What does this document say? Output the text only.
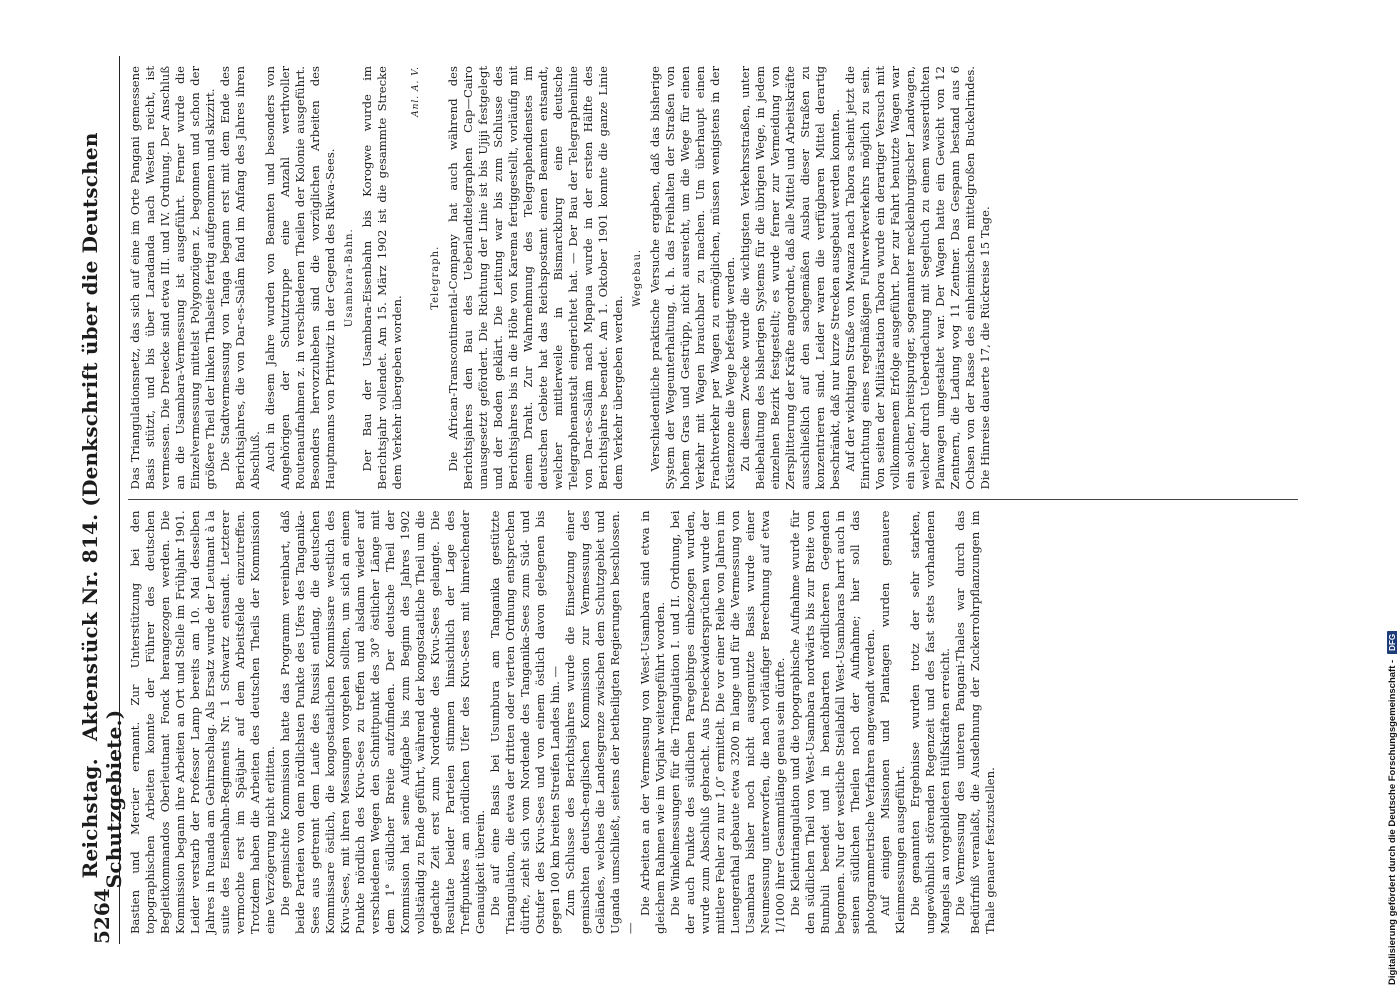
5264
Reichstag. Aktenstück Nr. 814. (Denkschrift über die Deutschen Schutzgebiete.) Bastien und Mercier ernannt. Zur Unterstützung bei den topographischen Arbeiten konnte der Führer des deutschen Begleitkommandos Oberleutnant Fonck herangezogen werden. Die Kommission begann ihre Arbeiten an Ort und Stelle im Frühjahr 1901. Leider verstarb der Professor Lamp bereits am 10. Mai desselben Jahres in Ruanda am Gehirnschlag. Als Ersatz wurde der Leutnant à la suite des Eisenbahn-Regiments Nr. 1 Schwartz entsandt. Letzterer vermochte erst im Spätjahr auf dem Arbeitsfelde einzutreffen. Trotzdem haben die Arbeiten des deutschen Theils der Kommission eine Verzögerung nicht erlitten. Die gemischte Kommission hatte das Programm vereinbart, daß beide Parteien von dem nördlichsten Punkte des Ufers des Tanganika-Sees aus getrennt dem Laufe des Russisi entlang, die deutschen Kommissare östlich, die kongostaatlichen Kommissare westlich des Kivu-Sees, mit ihren Messungen vorgehen sollten, um sich an einem Punkte nördlich des Kivu-Sees zu treffen und alsdann wieder auf verschiedenen Wegen den Schnittpunkt des 30° östlicher Länge mit dem 1° südlicher Breite aufzufinden. Der deutsche Theil der Kommission hat seine Aufgabe bis zum Beginn des Jahres 1902 vollständig zu Ende geführt, während der kongostaatliche Theil um die gedachte Zeit erst zum Nordende des Kivu-Sees gelangte. Die Resultate beider Parteien stimmen hinsichtlich der Lage des Treffpunktes am nördlichen Ufer des Kivu-Sees mit hinreichender Genauigkeit überein. Die auf eine Basis bei Usumbura am Tanganika gestützte Triangulation, die etwa der dritten oder vierten Ordnung entsprechen dürfte, zieht sich vom Nordende des Tanganika-Sees zum Süd- und Ostufer des Kivu-Sees und von einem östlich davon gelegenen bis gegen 100 km breiten Streifen Landes hin. — Zum Schlusse des Berichtsjahres wurde die Einsetzung einer gemischten deutsch-englischen Kommission zur Vermessung des Geländes, welches die Landesgrenze zwischen dem Schutzgebiet und Uganda umschließt, seitens der betheiligten Regierungen beschlossen. —

Die Arbeiten an der Vermessung von West-Usambara sind etwa in gleichem Rahmen wie im Vorjahr weitergeführt worden. Die Winkelmessungen für die Triangulation I. und II. Ordnung, bei der auch Punkte des südlichen Paregebirges einbezogen wurden, wurde zum Abschluß gebracht. Aus Dreieckwidersprüchen wurde der mittlere Fehler zu nur 1,0″ ermittelt. Die vor einer Reihe von Jahren im Luengerathal gebaute etwa 3200 m lange und für die Vermessung von Usambara bisher noch nicht ausgenutzte Basis wurde einer Neumessung unterworfen, die nach vorläufiger Berechnung auf etwa 1/1000 ihrer Gesammtlänge genau sein dürfte. Die Kleintriangulation und die topographische Aufnahme wurde für den südlichen Theil von West-Usambara nordwärts bis zur Breite von Bumbuli beendet und in benachbarten nördlicheren Gegenden begonnen. Nur der westliche Steilabfall West-Usambaras harrt auch in seinen südlichen Theilen noch der Aufnahme; hier soll das photogrammetrische Verfahren angewandt werden. Auf einigen Missionen und Plantagen wurden genauere Kleinmessungen ausgeführt. Die genannten Ergebnisse wurden trotz der sehr starken, ungewöhnlich störenden Regenzeit und des fast stets vorhandenen Mangels an vorgebildeten Hülfskräften erreicht. Die Vermessung des unteren Pangani-Thales war durch das Bedürfniß veranlaßt, die Ausdehnung der Zuckerrohrpflanzungen im Thale genauer festzustellen.

Das Triangulationsnetz, das sich auf eine im Orte Pangani gemessene Basis stützt, und bis über Laradanda nach Westen reicht, ist vermessen. Die Dreiecke sind etwa III. und IV. Ordnung. Der Anschluß an die Usambara-Vermessung ist ausgeführt. Ferner wurde die Einzelvermessung mittelst Polygonzügen z. begonnen und schon der größere Theil der linken Thalseite fertig aufgenommen und skizzirt. Die Stadtvermessung von Tanga begann erst mit dem Ende des Berichtsjahres, die von Dar-es-Salâm fand im Anfang des Jahres ihren Abschluß. Auch in diesem Jahre wurden von Beamten und besonders von Angehörigen der Schutztruppe eine Anzahl werthvoller Routenaufnahmen z. in verschiedenen Theilen der Kolonie ausgeführt. Besonders hervorzuheben sind die vorzüglichen Arbeiten des Hauptmanns von Prittwitz in der Gegend des Rikwa-Sees. Usambara-Bahn. Der Bau der Usambara-Eisenbahn bis Korogwe wurde im Berichtsjahr vollendet. Am 15. März 1902 ist die gesammte Strecke dem Verkehr übergeben worden.

Anl. A. V.
Telegraph. Die African-Transcontinental-Company hat auch während des Berichtsjahres den Bau des Ueberlandtelegraphen Cap—Cairo unausgesetzt gefördert. Die Richtung der Linie ist bis Ujiji festgelegt und der Boden geklärt. Die Leitung war bis zum Schlusse des Berichtsjahres bis in die Höhe von Karema fertiggestellt, vorläufig mit einem Draht. Zur Wahrnehmung des Telegraphendienstes im deutschen Gebiete hat das Reichspostamt einen Beamten entsandt, welcher mittlerweile in Bismarckburg eine deutsche Telegraphenanstalt eingerichtet hat. — Der Bau der Telegraphenlinie von Dar-es-Salâm nach Mpapua wurde in der ersten Hälfte des Berichtsjahres beendet. Am 1. Oktober 1901 konnte die ganze Linie dem Verkehr übergeben werden.

Wegebau. Verschiedentliche praktische Versuche ergaben, daß das bisherige System der Wegeunterhaltung, d. h. das Freihalten der Straßen von hohem Gras und Gestrüpp, nicht ausreicht, um die Wege für einen Verkehr mit Wagen brauchbar zu machen. Um überhaupt einen Frachtverkehr per Wagen zu ermöglichen, müssen wenigstens in der Küstenzone die Wege befestigt werden. Zu diesem Zwecke wurde die wichtigsten Verkehrsstraßen, unter Beibehaltung des bisherigen Systems für die übrigen Wege, in jedem einzelnen Bezirk festgestellt; es wurde ferner zur Vermeidung von Zersplitterung der Kräfte angeordnet, daß alle Mittel und Arbeitskräfte ausschließlich auf den sachgemäßen Ausbau dieser Straßen zu konzentrieren sind. Leider waren die verfügbaren Mittel derartig beschränkt, daß nur kurze Strecken ausgebaut werden konnten. Auf der wichtigen Straße von Mwanza nach Tabora scheint jetzt die Einrichtung eines regelmäßigen Fuhrwerkverkehrs möglich zu sein. Von seiten der Militärstation Tabora wurde ein derartiger Versuch mit vollkommenem Erfolge ausgeführt. Der zur Fahrt benutzte Wagen war ein solcher, breitspuriger, sogenannter mecklenburgischer Landwagen, welcher durch Ueberdachung mit Segeltuch zu einem wasserdichten Planwagen umgestaltet war. Der Wagen hatte ein Gewicht von 12 Zentnern, die Ladung wog 11 Zentner. Das Gespann bestand aus 6 Ochsen von der Rasse des einheimischen mittelgroßen Buckelrindes. Die Hinreise dauerte 17, die Rückreise 15 Tage.

Digitalisierung gefördert durch die Deutsche Forschungsgemeinschaft -
DFG
